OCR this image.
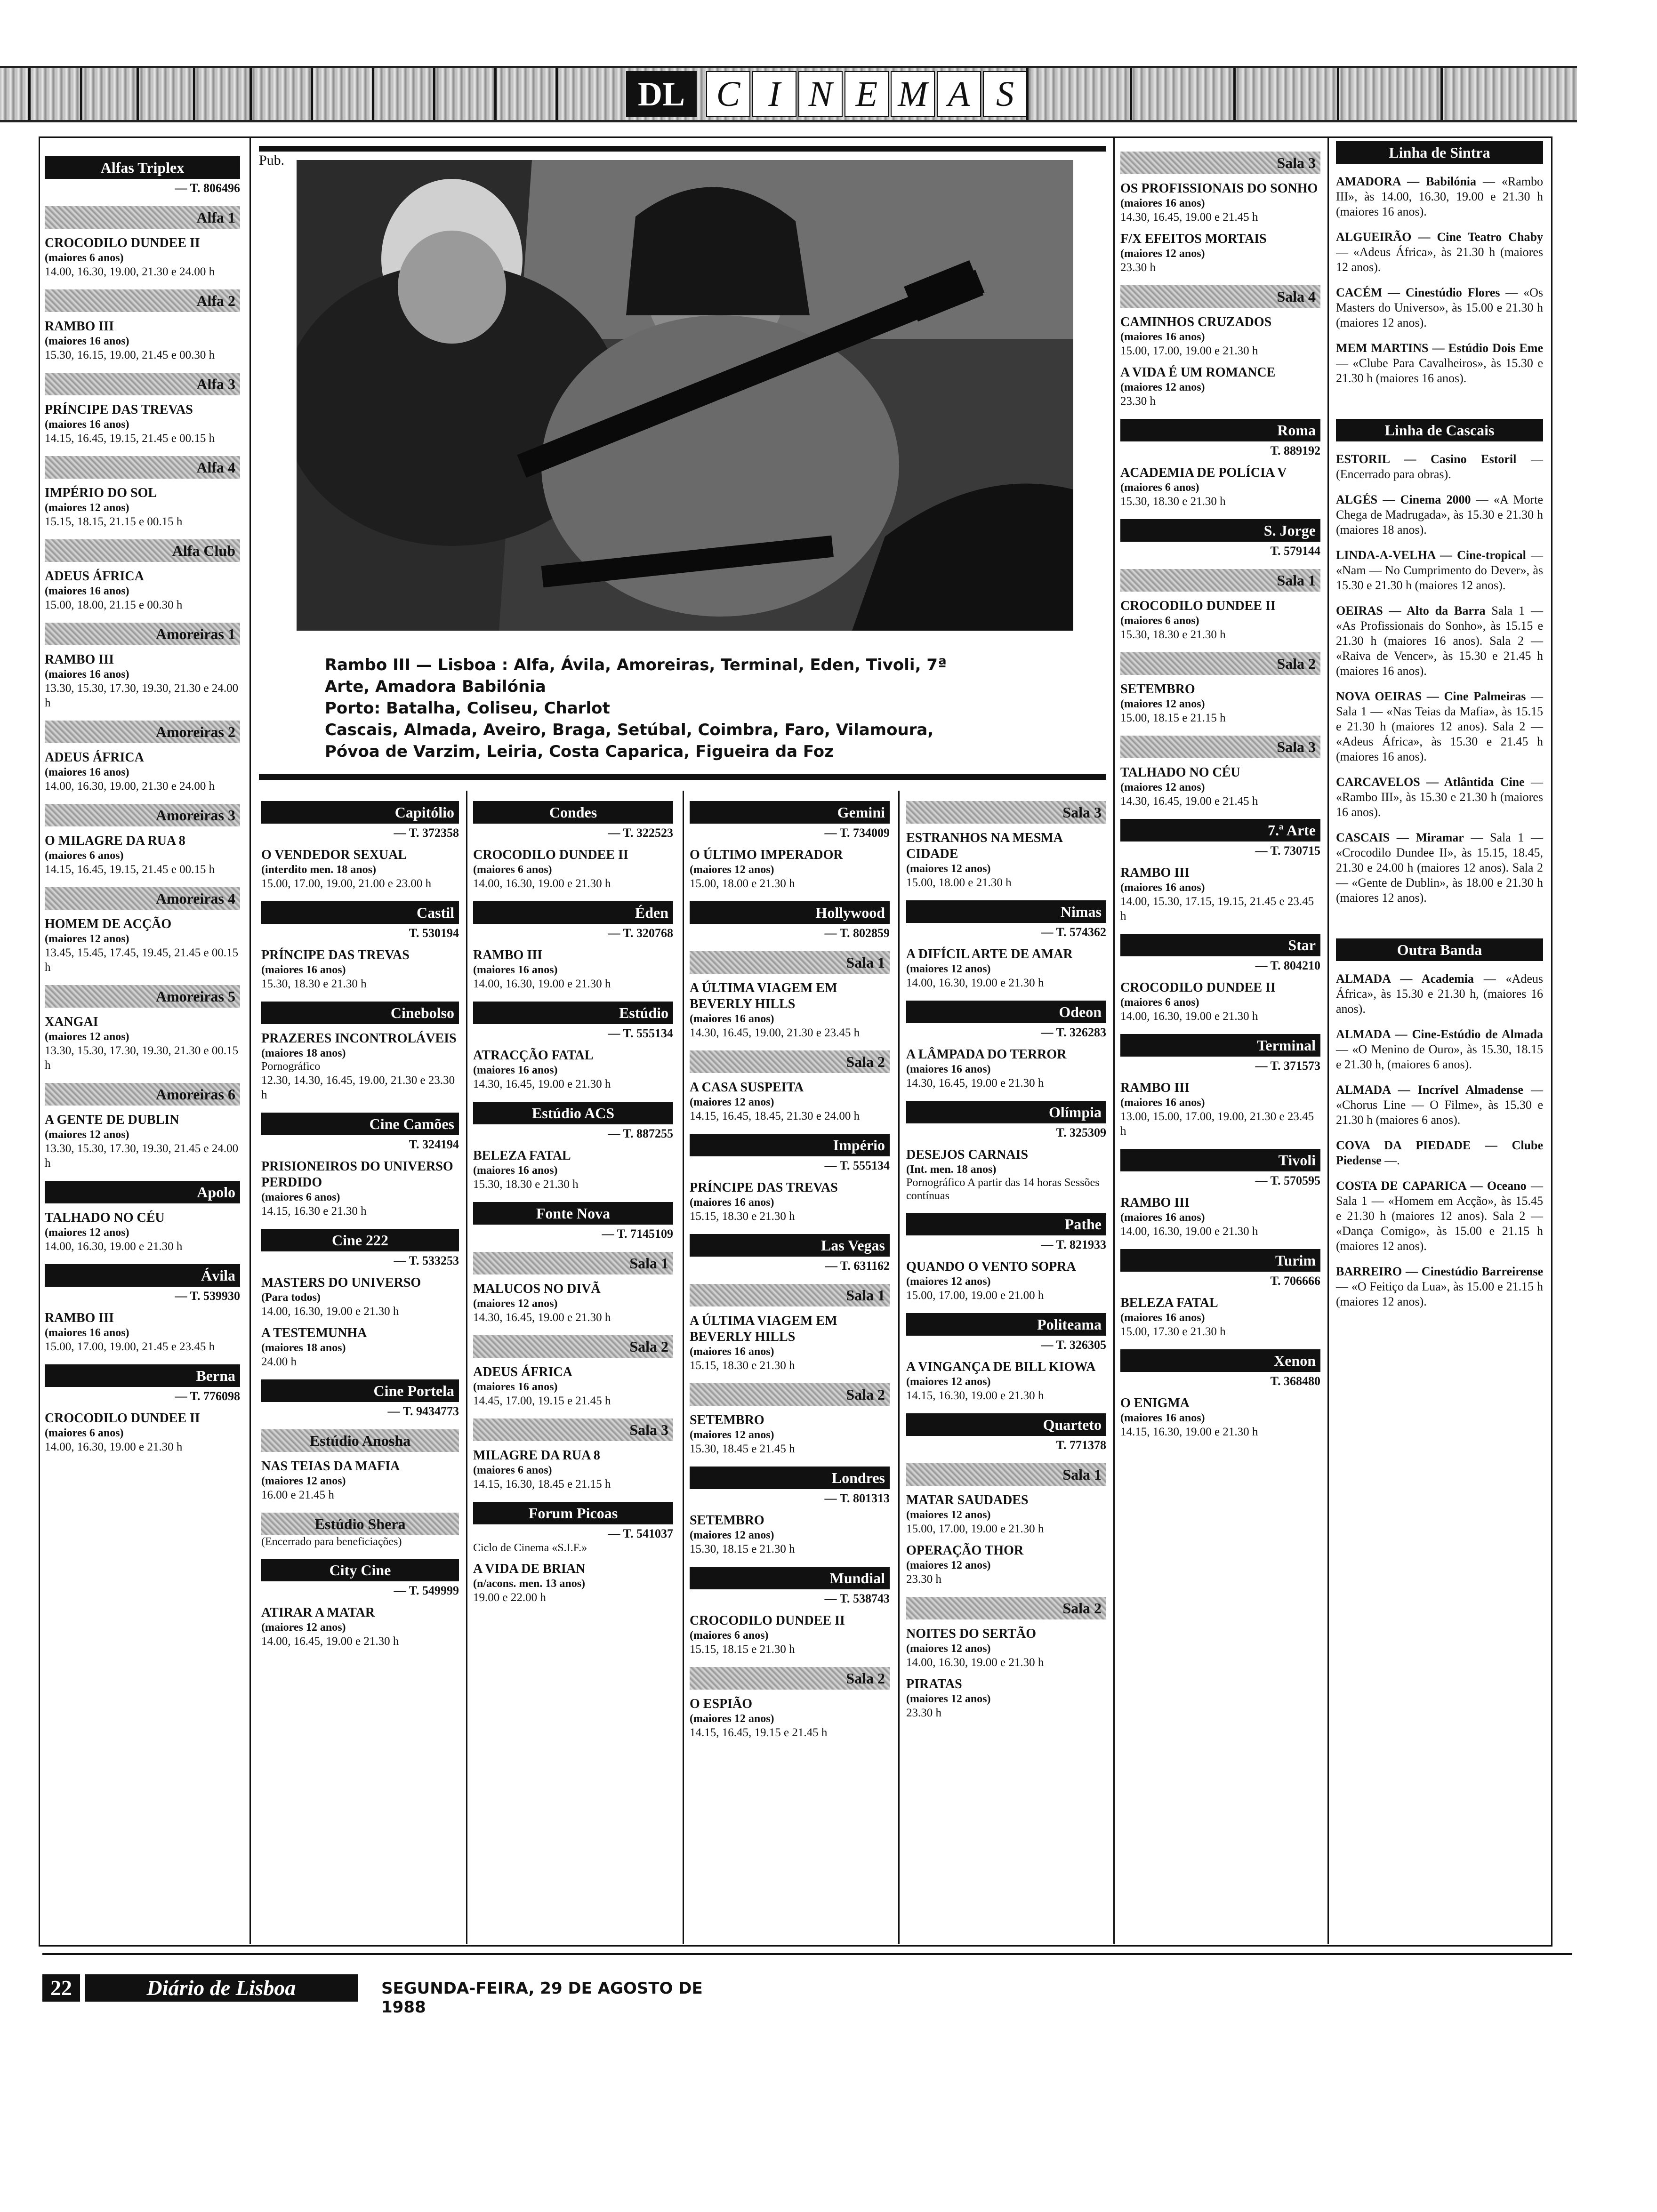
DL C I N E M A S
Pub.
Rambo III — Lisboa : Alfa, Ávila, Amoreiras, Terminal, Eden, Tivoli, 7ª
Arte, Amadora Babilónia
Porto: Batalha, Coliseu, Charlot
Cascais, Almada, Aveiro, Braga, Setúbal, Coimbra, Faro, Vilamoura,
Póvoa de Varzim, Leiria, Costa Caparica, Figueira da Foz
Alfas Triplex
— T. 806496
Alfa 1
CROCODILO DUNDEE II
(maiores 6 anos)
14.00, 16.30, 19.00, 21.30 e 24.00 h
Alfa 2
RAMBO III
(maiores 16 anos)
15.30, 16.15, 19.00, 21.45 e 00.30 h
Alfa 3
PRÍNCIPE DAS TREVAS
(maiores 16 anos)
14.15, 16.45, 19.15, 21.45 e 00.15 h
Alfa 4
IMPÉRIO DO SOL
(maiores 12 anos)
15.15, 18.15, 21.15 e 00.15 h
Alfa Club
ADEUS ÁFRICA
(maiores 16 anos)
15.00, 18.00, 21.15 e 00.30 h
Amoreiras 1
RAMBO III
(maiores 16 anos)
13.30, 15.30, 17.30, 19.30, 21.30 e 24.00 h
Amoreiras 2
ADEUS ÁFRICA
(maiores 16 anos)
14.00, 16.30, 19.00, 21.30 e 24.00 h
Amoreiras 3
O MILAGRE DA RUA 8
(maiores 6 anos)
14.15, 16.45, 19.15, 21.45 e 00.15 h
Amoreiras 4
HOMEM DE ACÇÃO
(maiores 12 anos)
13.45, 15.45, 17.45, 19.45, 21.45 e 00.15 h
Amoreiras 5
XANGAI
(maiores 12 anos)
13.30, 15.30, 17.30, 19.30, 21.30 e 00.15 h
Amoreiras 6
A GENTE DE DUBLIN
(maiores 12 anos)
13.30, 15.30, 17.30, 19.30, 21.45 e 24.00 h
Apolo
TALHADO NO CÉU
(maiores 12 anos)
14.00, 16.30, 19.00 e 21.30 h
Ávila
— T. 539930
RAMBO III
(maiores 16 anos)
15.00, 17.00, 19.00, 21.45 e 23.45 h
Berna
— T. 776098
CROCODILO DUNDEE II
(maiores 6 anos)
14.00, 16.30, 19.00 e 21.30 h
Capitólio
— T. 372358
O VENDEDOR SEXUAL
(interdito men. 18 anos)
15.00, 17.00, 19.00, 21.00 e 23.00 h
Castil
T. 530194
PRÍNCIPE DAS TREVAS
(maiores 16 anos)
15.30, 18.30 e 21.30 h
Cinebolso
PRAZERES INCONTROLÁVEIS
(maiores 18 anos)
Pornográfico
12.30, 14.30, 16.45, 19.00, 21.30 e 23.30 h
Cine Camões
T. 324194
PRISIONEIROS DO UNIVERSO PERDIDO
(maiores 6 anos)
14.15, 16.30 e 21.30 h
Cine 222
— T. 533253
MASTERS DO UNIVERSO
(Para todos)
14.00, 16.30, 19.00 e 21.30 h
A TESTEMUNHA
(maiores 18 anos)
24.00 h
Cine Portela
— T. 9434773
Estúdio Anosha
NAS TEIAS DA MAFIA
(maiores 12 anos)
16.00 e 21.45 h
Estúdio Shera
(Encerrado para beneficiações)
City Cine
— T. 549999
ATIRAR A MATAR
(maiores 12 anos)
14.00, 16.45, 19.00 e 21.30 h
Condes
— T. 322523
CROCODILO DUNDEE II
(maiores 6 anos)
14.00, 16.30, 19.00 e 21.30 h
Éden
— T. 320768
RAMBO III
(maiores 16 anos)
14.00, 16.30, 19.00 e 21.30 h
Estúdio
— T. 555134
ATRACÇÃO FATAL
(maiores 16 anos)
14.30, 16.45, 19.00 e 21.30 h
Estúdio ACS
— T. 887255
BELEZA FATAL
(maiores 16 anos)
15.30, 18.30 e 21.30 h
Fonte Nova
— T. 7145109
Sala 1
MALUCOS NO DIVÃ
(maiores 12 anos)
14.30, 16.45, 19.00 e 21.30 h
Sala 2
ADEUS ÁFRICA
(maiores 16 anos)
14.45, 17.00, 19.15 e 21.45 h
Sala 3
MILAGRE DA RUA 8
(maiores 6 anos)
14.15, 16.30, 18.45 e 21.15 h
Forum Picoas
— T. 541037
Ciclo de Cinema «S.I.F.»
A VIDA DE BRIAN
(n/acons. men. 13 anos)
19.00 e 22.00 h
Gemini
— T. 734009
O ÚLTIMO IMPERADOR
(maiores 12 anos)
15.00, 18.00 e 21.30 h
Hollywood
— T. 802859
Sala 1
A ÚLTIMA VIAGEM EM BEVERLY HILLS
(maiores 16 anos)
14.30, 16.45, 19.00, 21.30 e 23.45 h
Sala 2
A CASA SUSPEITA
(maiores 12 anos)
14.15, 16.45, 18.45, 21.30 e 24.00 h
Império
— T. 555134
PRÍNCIPE DAS TREVAS
(maiores 16 anos)
15.15, 18.30 e 21.30 h
Las Vegas
— T. 631162
Sala 1
A ÚLTIMA VIAGEM EM BEVERLY HILLS
(maiores 16 anos)
15.15, 18.30 e 21.30 h
Sala 2
SETEMBRO
(maiores 12 anos)
15.30, 18.45 e 21.45 h
Londres
— T. 801313
SETEMBRO
(maiores 12 anos)
15.30, 18.15 e 21.30 h
Mundial
— T. 538743
CROCODILO DUNDEE II
(maiores 6 anos)
15.15, 18.15 e 21.30 h
Sala 2
O ESPIÃO
(maiores 12 anos)
14.15, 16.45, 19.15 e 21.45 h
Sala 3
ESTRANHOS NA MESMA CIDADE
(maiores 12 anos)
15.00, 18.00 e 21.30 h
Nimas
— T. 574362
A DIFÍCIL ARTE DE AMAR
(maiores 12 anos)
14.00, 16.30, 19.00 e 21.30 h
Odeon
— T. 326283
A LÂMPADA DO TERROR
(maiores 16 anos)
14.30, 16.45, 19.00 e 21.30 h
Olímpia
T. 325309
DESEJOS CARNAIS
(Int. men. 18 anos)
Pornográfico A partir das 14 horas Sessões contínuas
Pathe
— T. 821933
QUANDO O VENTO SOPRA
(maiores 12 anos)
15.00, 17.00, 19.00 e 21.00 h
Politeama
— T. 326305
A VINGANÇA DE BILL KIOWA
(maiores 12 anos)
14.15, 16.30, 19.00 e 21.30 h
Quarteto
T. 771378
Sala 1
MATAR SAUDADES
(maiores 12 anos)
15.00, 17.00, 19.00 e 21.30 h
OPERAÇÃO THOR
(maiores 12 anos)
23.30 h
Sala 2
NOITES DO SERTÃO
(maiores 12 anos)
14.00, 16.30, 19.00 e 21.30 h
PIRATAS
(maiores 12 anos)
23.30 h
Sala 3
OS PROFISSIONAIS DO SONHO
(maiores 16 anos)
14.30, 16.45, 19.00 e 21.45 h
F/X EFEITOS MORTAIS
(maiores 12 anos)
23.30 h
Sala 4
CAMINHOS CRUZADOS
(maiores 16 anos)
15.00, 17.00, 19.00 e 21.30 h
A VIDA É UM ROMANCE
(maiores 12 anos)
23.30 h
Roma
T. 889192
ACADEMIA DE POLÍCIA V
(maiores 6 anos)
15.30, 18.30 e 21.30 h
S. Jorge
T. 579144
Sala 1
CROCODILO DUNDEE II
(maiores 6 anos)
15.30, 18.30 e 21.30 h
Sala 2
SETEMBRO
(maiores 12 anos)
15.00, 18.15 e 21.15 h
Sala 3
TALHADO NO CÉU
(maiores 12 anos)
14.30, 16.45, 19.00 e 21.45 h
7.ª Arte
— T. 730715
RAMBO III
(maiores 16 anos)
14.00, 15.30, 17.15, 19.15, 21.45 e 23.45 h
Star
— T. 804210
CROCODILO DUNDEE II
(maiores 6 anos)
14.00, 16.30, 19.00 e 21.30 h
Terminal
— T. 371573
RAMBO III
(maiores 16 anos)
13.00, 15.00, 17.00, 19.00, 21.30 e 23.45 h
Tivoli
— T. 570595
RAMBO III
(maiores 16 anos)
14.00, 16.30, 19.00 e 21.30 h
Turim
T. 706666
BELEZA FATAL
(maiores 16 anos)
15.00, 17.30 e 21.30 h
Xenon
T. 368480
O ENIGMA
(maiores 16 anos)
14.15, 16.30, 19.00 e 21.30 h
Linha de Sintra
AMADORA — Babilónia — «Rambo III», às 14.00, 16.30, 19.00 e 21.30 h (maiores 16 anos).
ALGUEIRÃO — Cine Teatro Chaby — «Adeus África», às 21.30 h (maiores 12 anos).
CACÉM — Cinestúdio Flores — «Os Masters do Universo», às 15.00 e 21.30 h (maiores 12 anos).
MEM MARTINS — Estúdio Dois Eme — «Clube Para Cavalheiros», às 15.30 e 21.30 h (maiores 16 anos).
Linha de Cascais
ESTORIL — Casino Estoril — (Encerrado para obras).
ALGÉS — Cinema 2000 — «A Morte Chega de Madrugada», às 15.30 e 21.30 h (maiores 18 anos).
LINDA-A-VELHA — Cine-tropical — «Nam — No Cumprimento do Dever», às 15.30 e 21.30 h (maiores 12 anos).
OEIRAS — Alto da Barra Sala 1 — «As Profissionais do Sonho», às 15.15 e 21.30 h (maiores 16 anos). Sala 2 — «Raiva de Vencer», às 15.30 e 21.45 h (maiores 16 anos).
NOVA OEIRAS — Cine Palmeiras — Sala 1 — «Nas Teias da Mafia», às 15.15 e 21.30 h (maiores 12 anos). Sala 2 — «Adeus África», às 15.30 e 21.45 h (maiores 16 anos).
CARCAVELOS — Atlântida Cine — «Rambo III», às 15.30 e 21.30 h (maiores 16 anos).
CASCAIS — Miramar — Sala 1 — «Crocodilo Dundee II», às 15.15, 18.45, 21.30 e 24.00 h (maiores 12 anos). Sala 2 — «Gente de Dublin», às 18.00 e 21.30 h (maiores 12 anos).
Outra Banda
ALMADA — Academia — «Adeus África», às 15.30 e 21.30 h, (maiores 16 anos).
ALMADA — Cine-Estúdio de Almada — «O Menino de Ouro», às 15.30, 18.15 e 21.30 h, (maiores 6 anos).
ALMADA — Incrível Almadense — «Chorus Line — O Filme», às 15.30 e 21.30 h (maiores 6 anos).
COVA DA PIEDADE — Clube Piedense —.
COSTA DE CAPARICA — Oceano — Sala 1 — «Homem em Acção», às 15.45 e 21.30 h (maiores 12 anos). Sala 2 — «Dança Comigo», às 15.00 e 21.15 h (maiores 12 anos).
BARREIRO — Cinestúdio Barreirense — «O Feitiço da Lua», às 15.00 e 21.15 h (maiores 12 anos).
22	Diário de Lisboa	SEGUNDA-FEIRA, 29 DE AGOSTO DE 1988
